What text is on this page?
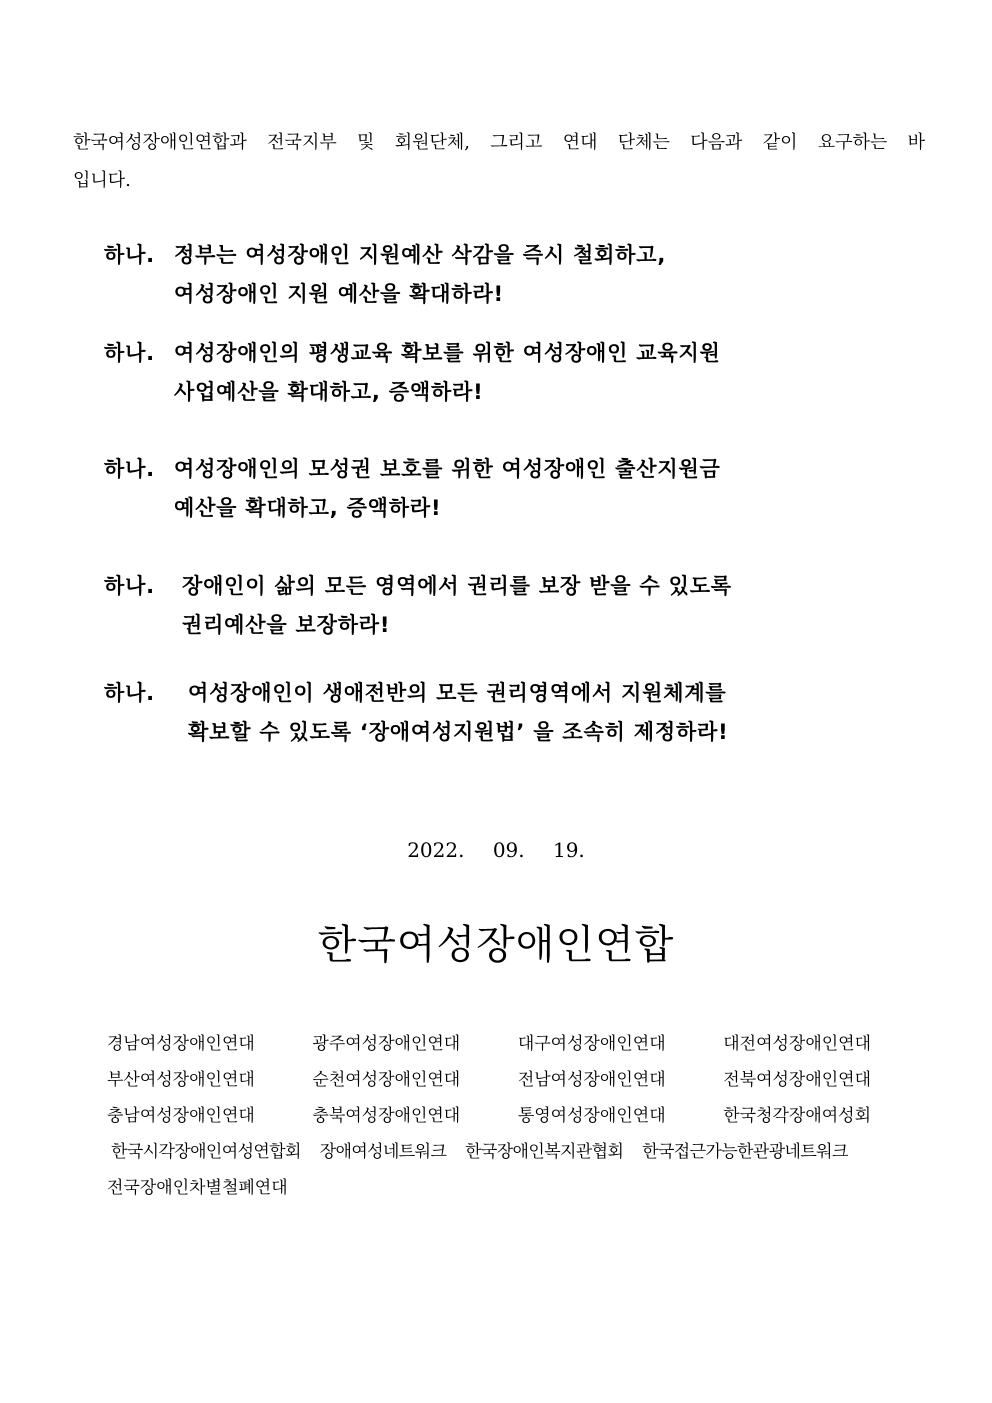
한국여성장애인연합과 전국지부 및 회원단체, 그리고 연대 단체는 다음과 같이 요구하는 바
입니다.

하나. 정부는 여성장애인 지원예산 삭감을 즉시 철회하고,
여성장애인 지원 예산을 확대하라!
하나. 여성장애인의 평생교육 확보를 위한 여성장애인 교육지원
사업예산을 확대하고, 증액하라!
하나. 여성장애인의 모성권 보호를 위한 여성장애인 출산지원금
예산을 확대하고, 증액하라!
하나. 장애인이 삶의 모든 영역에서 권리를 보장 받을 수 있도록
권리예산을 보장하라!
하나. 여성장애인이 생애전반의 모든 권리영역에서 지원체계를
확보할 수 있도록 ‘장애여성지원법’ 을 조속히 제정하라!
2022. 09. 19.
한국여성장애인연합
경남여성장애인연대	광주여성장애인연대	대구여성장애인연대	대전여성장애인연대
부산여성장애인연대	순천여성장애인연대	전남여성장애인연대	전북여성장애인연대
충남여성장애인연대	충북여성장애인연대	통영여성장애인연대	한국청각장애여성회
한국시각장애인여성연합회 장애여성네트워크 한국장애인복지관협회 한국접근가능한관광네트워크
전국장애인차별철폐연대
